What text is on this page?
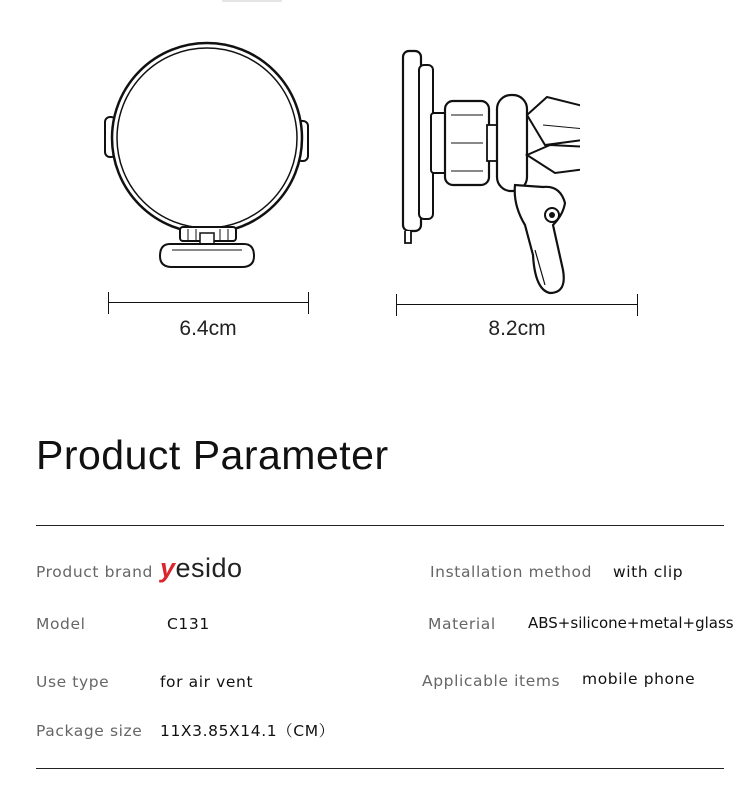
6.4cm	8.2cm
Product Parameter
Product brand yesido
Model	C131
Use type	for air vent
Package size 11X3.85X14.1（CM）
Installation method with clip
Material ABS+silicone+metal+glass
Applicable items mobile phone
